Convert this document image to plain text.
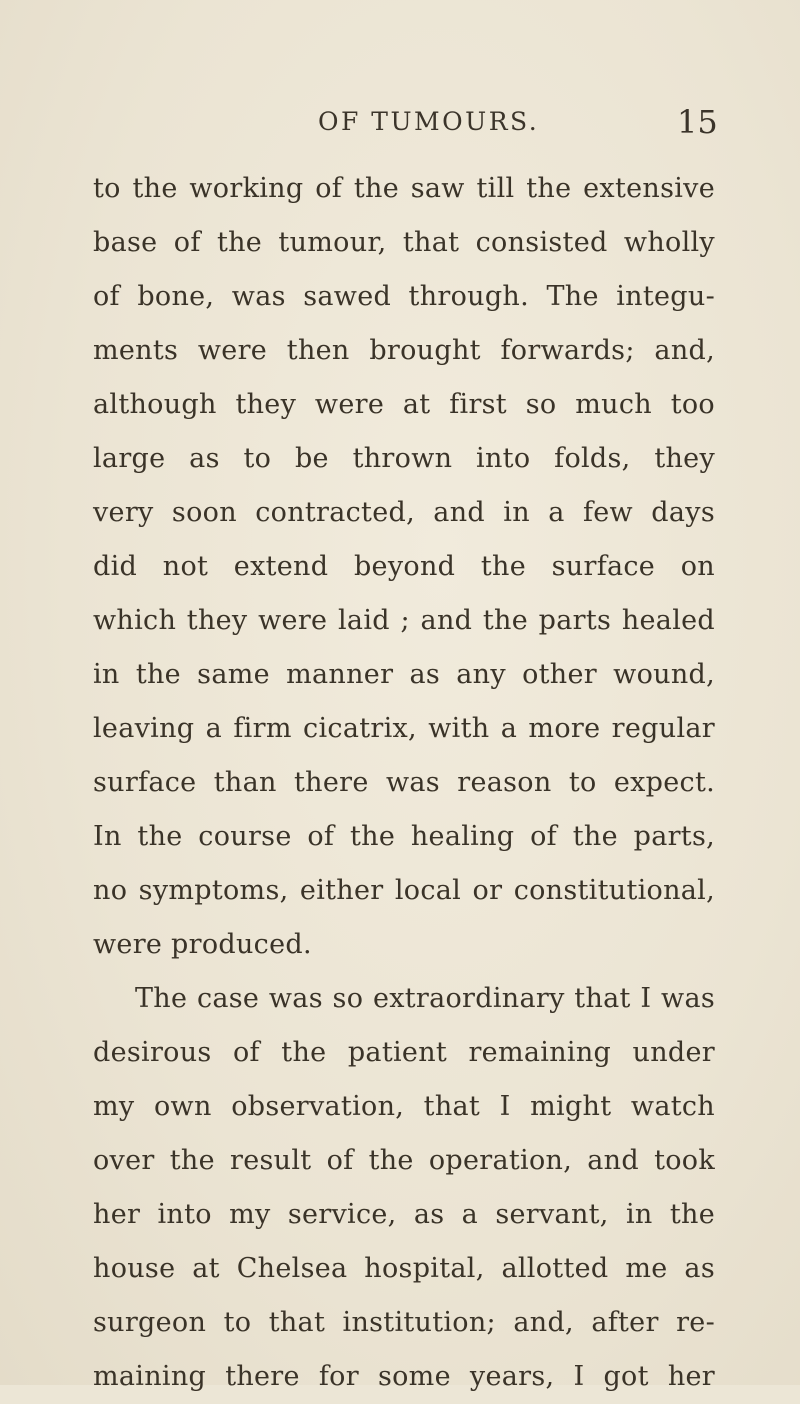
OF TUMOURS.	15
to the working of the saw till the extensive
base of the tumour, that consisted wholly
of bone, was sawed through. The integu-
ments were then brought forwards; and,
although they were at first so much too
large as to be thrown into folds, they
very soon contracted, and in a few days
did not extend beyond the surface on
which they were laid ; and the parts healed
in the same manner as any other wound,
leaving a firm cicatrix, with a more regular
surface than there was reason to expect.
In the course of the healing of the parts,
no symptoms, either local or constitutional,
were produced.
The case was so extraordinary that I was
desirous of the patient remaining under
my own observation, that I might watch
over the result of the operation, and took
her into my service, as a servant, in the
house at Chelsea hospital, allotted me as
surgeon to that institution; and, after re-
maining there for some years, I got her
